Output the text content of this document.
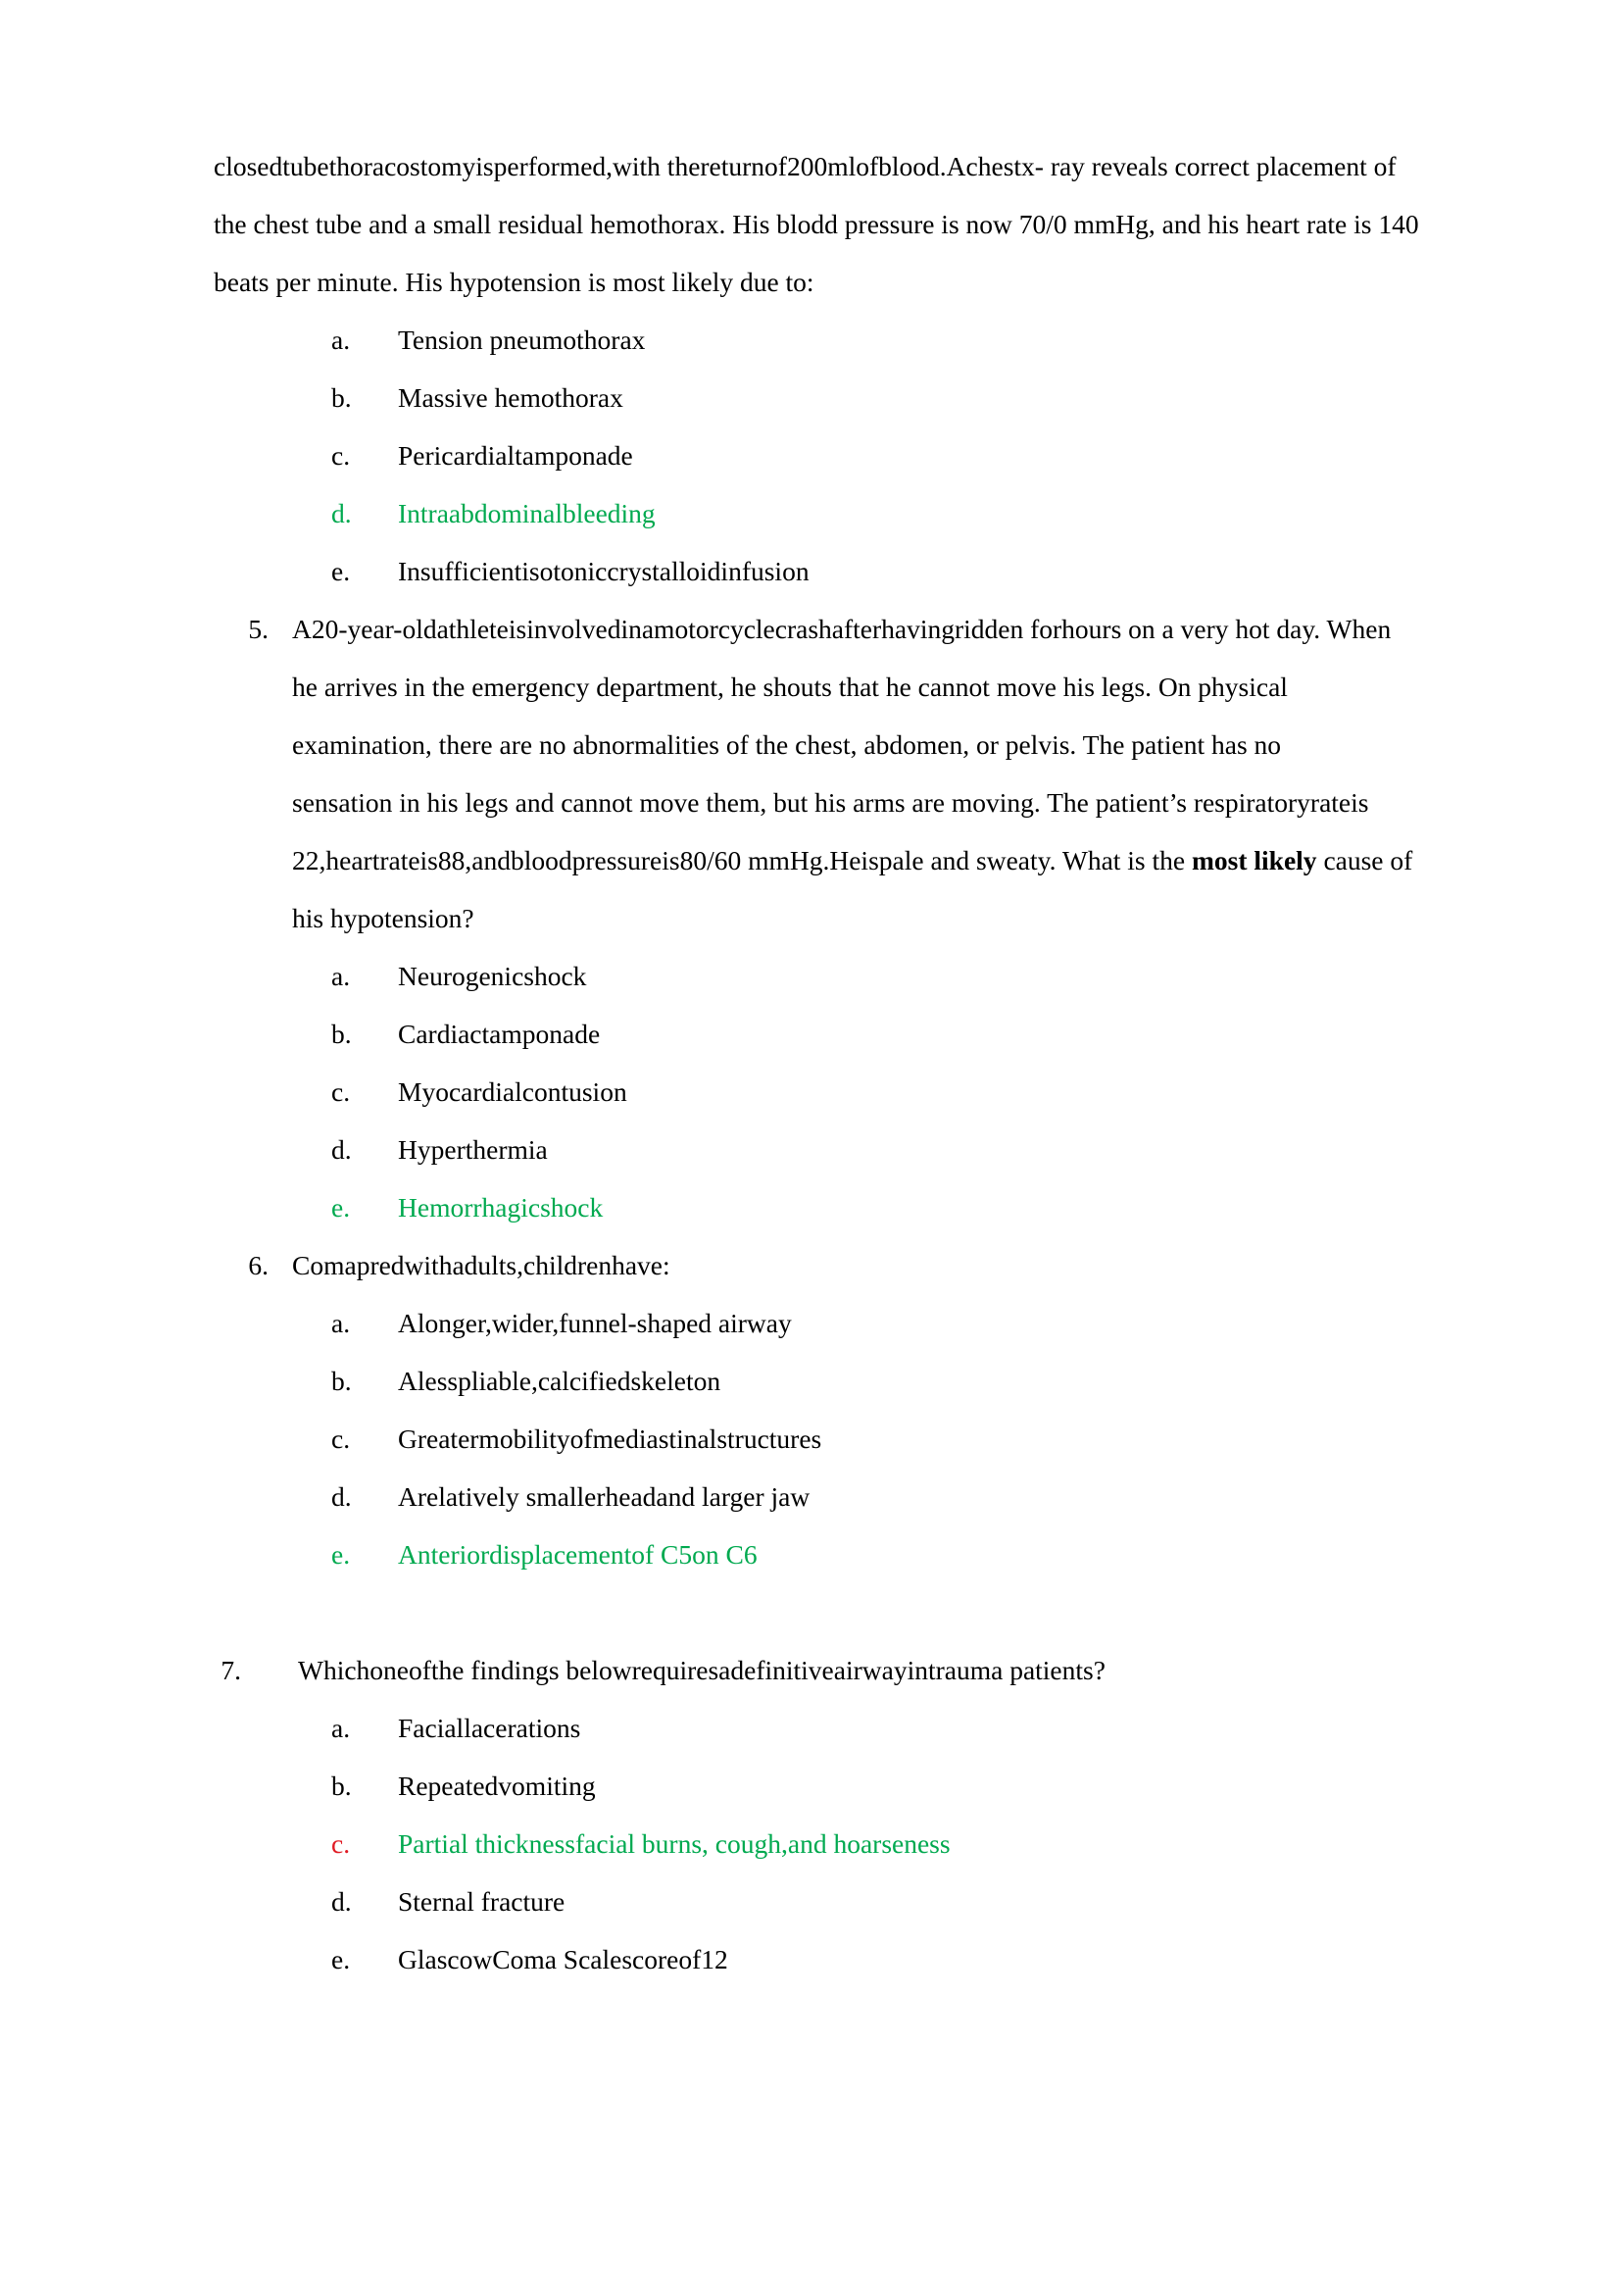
closedtubethoracostomyisperformed,with thereturnof200mlofblood.Achestx- ray reveals correct placement of the chest tube and a small residual hemothorax. His blodd pressure is now 70/0 mmHg, and his heart rate is 140 beats per minute. His hypotension is most likely due to:
a.	Tension pneumothorax
b.	Massive hemothorax
c.	Pericardialtamponade
d.	Intraabdominalbleeding
e.	Insufficientisotoniccrystalloidinfusion
5. A20-year-oldathleteisinvolvedinamotorcyclecrashafterhavingridden forhours on a very hot day. When he arrives in the emergency department, he shouts that he cannot move his legs. On physical examination, there are no abnormalities of the chest, abdomen, or pelvis. The patient has no
sensation in his legs and cannot move them, but his arms are moving. The patient’s respiratoryrateis 22,heartrateis88,andbloodpressureis80/60 mmHg.Heispale and sweaty. What is the most likely cause of his hypotension?
a.	Neurogenicshock
b.	Cardiactamponade
c.	Myocardialcontusion
d.	Hyperthermia
e.	Hemorrhagicshock
6. Comapredwithadults,childrenhave:
a.	Alonger,wider,funnel-shaped airway
b.	Alesspliable,calcifiedskeleton
c.	Greatermobilityofmediastinalstructures
d.	Arelatively smallerheadand larger jaw
e.	Anteriordisplacementof C5on C6
7. Whichoneofthe findings belowrequiresadefinitiveairwayintrauma patients?
a.	Faciallacerations
b.	Repeatedvomiting
c.	Partial thicknessfacial burns, cough,and hoarseness
d.	Sternal fracture
e.	GlascowComa Scalescoreof12
